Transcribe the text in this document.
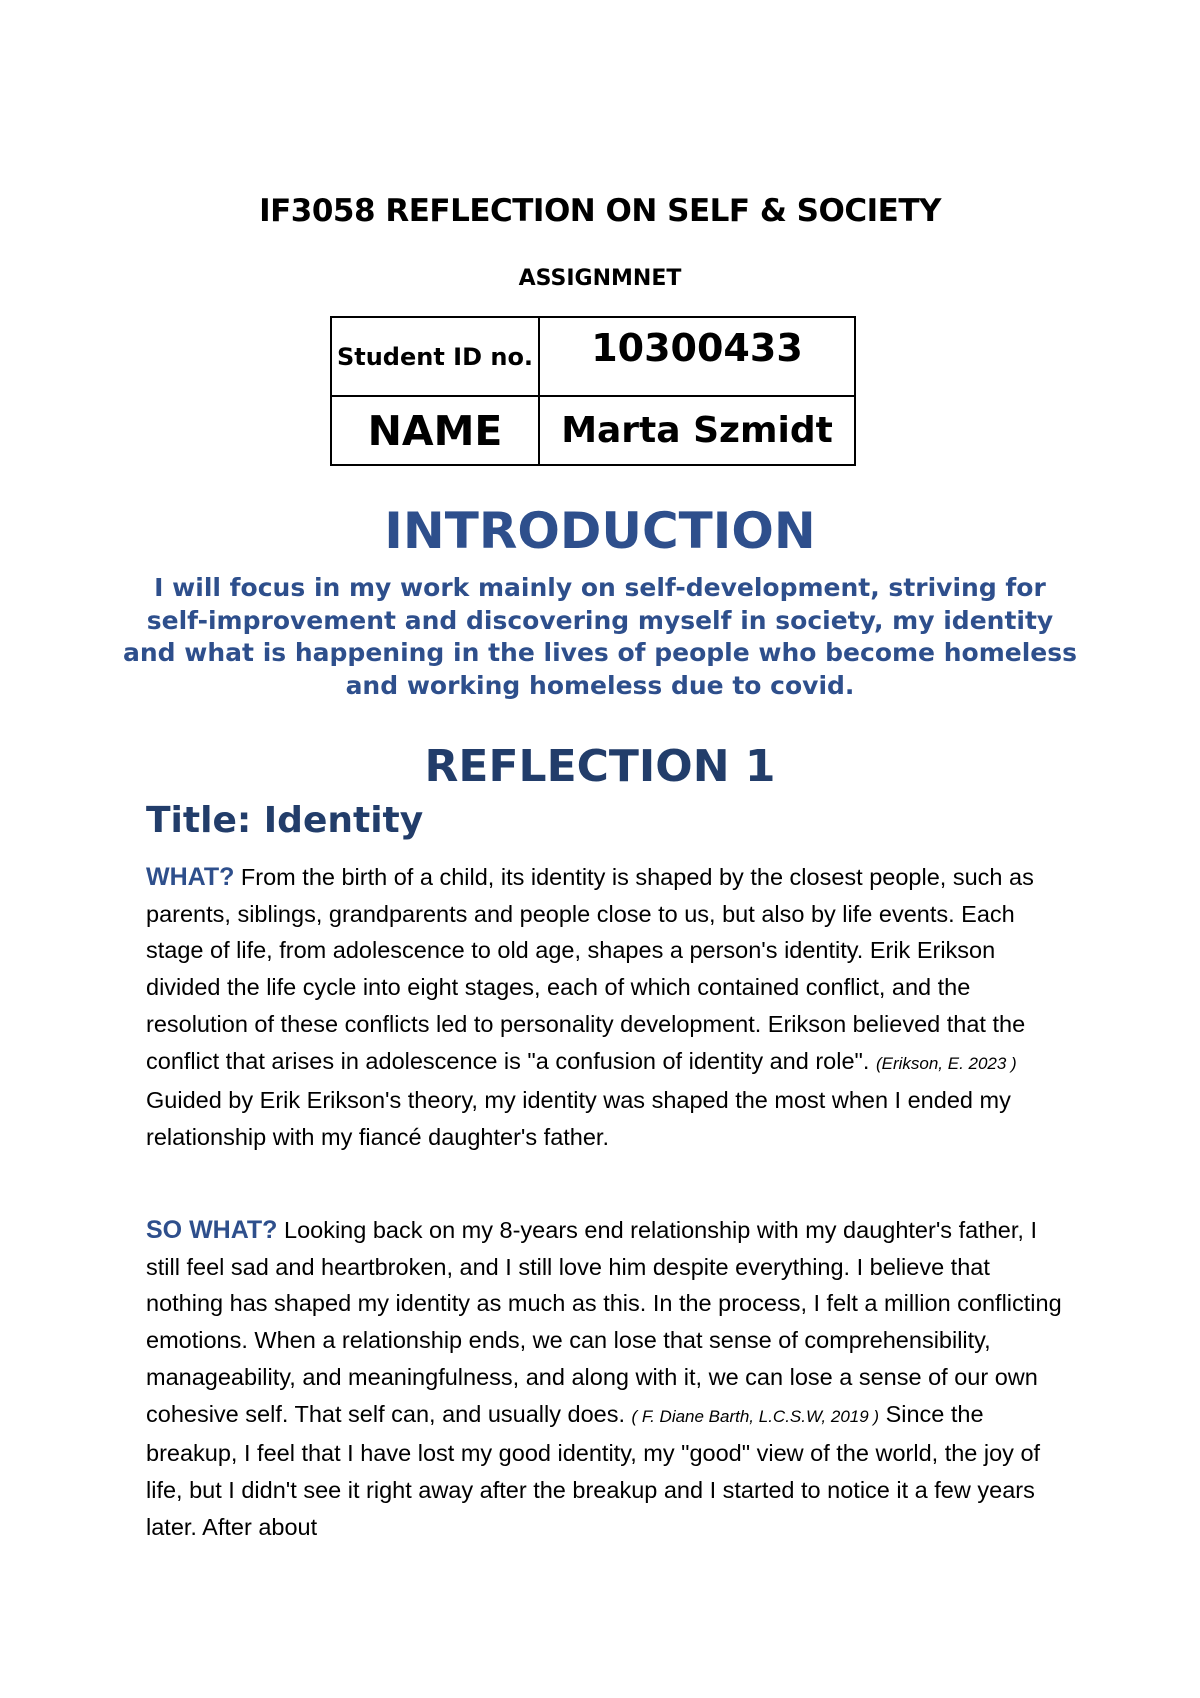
IF3058 REFLECTION ON SELF & SOCIETY
ASSIGNMNET
Student ID no.	10300433
NAME	Marta Szmidt
INTRODUCTION
I will focus in my work mainly on self-development, striving for self-improvement and discovering myself in society, my identity and what is happening in the lives of people who become homeless and working homeless due to covid.
REFLECTION 1
Title: Identity

WHAT? From the birth of a child, its identity is shaped by the closest people, such as parents, siblings, grandparents and people close to us, but also by life events. Each stage of life, from adolescence to old age, shapes a person's identity. Erik Erikson divided the life cycle into eight stages, each of which contained conflict, and the resolution of these conflicts led to personality development. Erikson believed that the conflict that arises in adolescence is "a confusion of identity and role". (Erikson, E. 2023 ) Guided by Erik Erikson's theory, my identity was shaped the most when I ended my relationship with my fiancé daughter's father.

SO WHAT? Looking back on my 8-years end relationship with my daughter's father, I still feel sad and heartbroken, and I still love him despite everything. I believe that nothing has shaped my identity as much as this. In the process, I felt a million conflicting emotions. When a relationship ends, we can lose that sense of comprehensibility, manageability, and meaningfulness, and along with it, we can lose a sense of our own cohesive self. That self can, and usually does. ( F. Diane Barth, L.C.S.W, 2019 ) Since the breakup, I feel that I have lost my good identity, my "good" view of the world, the joy of life, but I didn't see it right away after the breakup and I started to notice it a few years later. After about
